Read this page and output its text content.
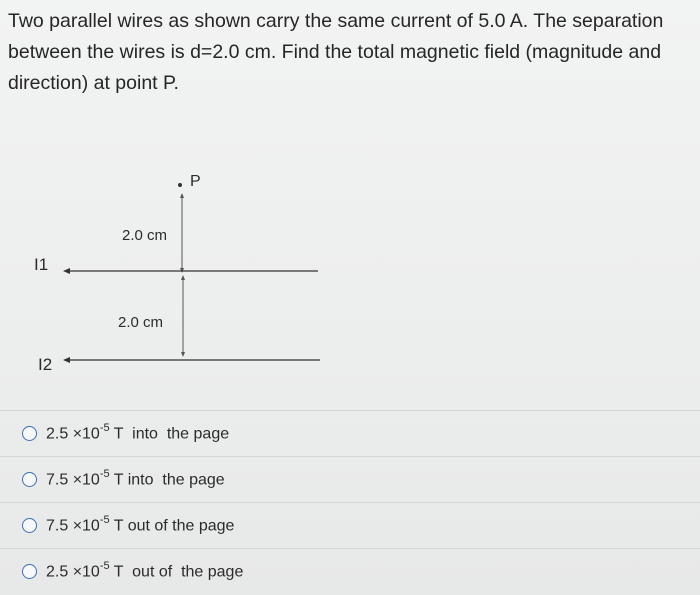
Two parallel wires as shown carry the same current of 5.0 A. The separation
between the wires is d=2.0 cm. Find the total magnetic field (magnitude and
direction) at point P.
P
2.0 cm
I1
2.0 cm
I2
$2.5 \times 10^{-5}$ T  into  the page
$7.5 \times 10^{-5}$ T into  the page
$7.5 \times 10^{-5}$ T out of the page
$2.5 \times 10^{-5}$ T  out of  the page
